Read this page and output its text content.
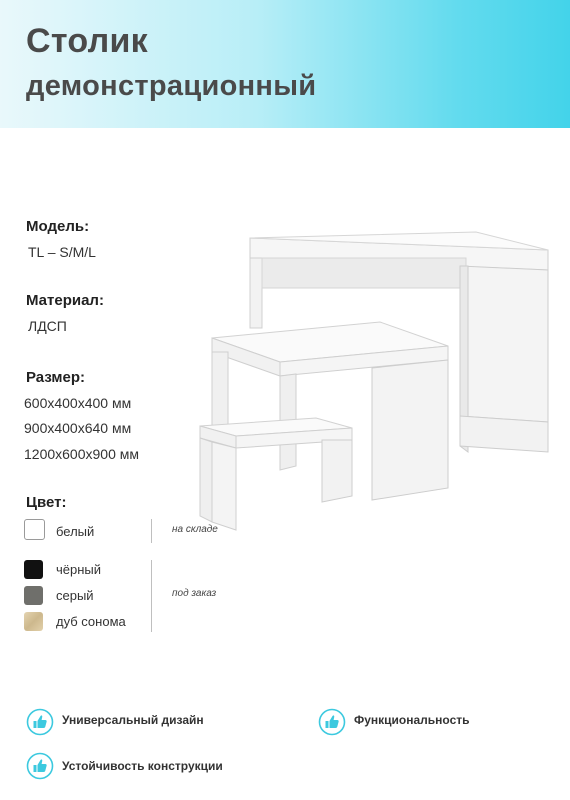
Столик
демонстрационный
Модель:
TL – S/M/L
Материал:
ЛДСП
Размер:
600х400х400 мм
900х400х640 мм
1200х600х900 мм
Цвет:
белый	на складе
чёрный
серый
дуб сонома
под заказ
Универсальный дизайн	Функциональность
Устойчивость конструкции
